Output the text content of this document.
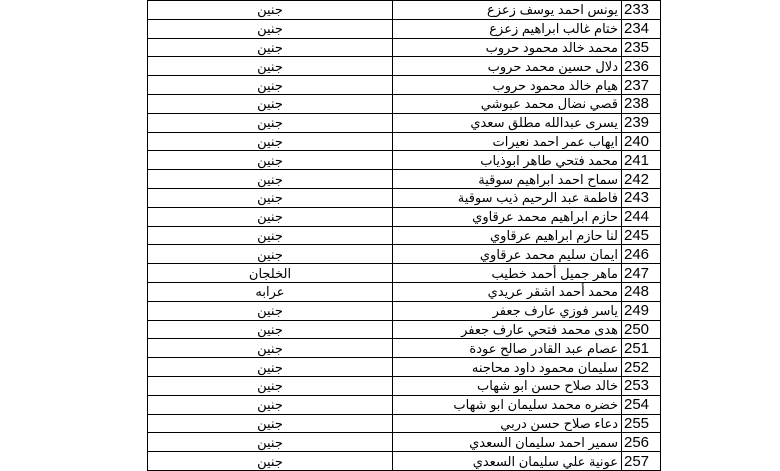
جنين	يونس احمد يوسف زعزع	233
جنين	ختام غالب ابراهيم زعزع	234
جنين	محمد خالد محمود حروب	235
جنين	دلال حسين محمد حروب	236
جنين	هيام خالد محمود حروب	237
جنين	قصي نضال محمد عبوشي	238
جنين	يسرى عبدالله مطلق سعدي	239
جنين	ايهاب عمر احمد نعيرات	240
جنين	محمد فتحي طاهر ابوذياب	241
جنين	سماح احمد ابراهيم سوقية	242
جنين	فاطمة عبد الرحيم ذيب سوقية	243
جنين	حازم ابراهيم محمد عرقاوي	244
جنين	لنا حازم ابراهيم عرقاوي	245
جنين	ايمان سليم محمد عرقاوي	246
الخلجان	ماهر جميل أحمد خطيب	247
عرابه	محمد أحمد اشقر عريدي	248
جنين	ياسر فوزي عارف جعفر	249
جنين	هدى محمد فتحي عارف جعفر	250
جنين	عصام عبد القادر صالح عودة	251
جنين	سليمان محمود داود محاجنه	252
جنين	خالد صلاح حسن ابو شهاب	253
جنين	خضره محمد سليمان ابو شهاب	254
جنين	دعاء صلاح حسن دربي	255
جنين	سمير احمد سليمان السعدي	256
جنين	عونية علي سليمان السعدي	257
